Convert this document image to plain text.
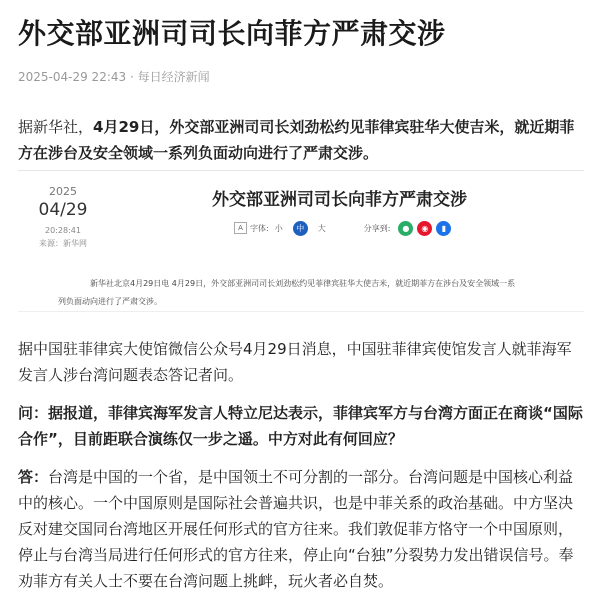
外交部亚洲司司长向菲方严肃交涉
2025-04-29 22:43 · 每日经济新闻
据新华社，4月29日，外交部亚洲司司长刘劲松约见菲律宾驻华大使吉米，就近期菲方在涉台及安全领域一系列负面动向进行了严肃交涉。
2025
04/29
20:28:41
来源：新华网
外交部亚洲司司长向菲方严肃交涉
A 字体: 小	中	大	分享到:	●	◉	▮
新华社北京4月29日电 4月29日，外交部亚洲司司长刘劲松约见菲律宾驻华大使吉米，就近期菲方在涉台及安全领域一系
列负面动向进行了严肃交涉。
据中国驻菲律宾大使馆微信公众号4月29日消息，中国驻菲律宾使馆发言人就菲海军发言人涉台湾问题表态答记者问。
问：据报道，菲律宾海军发言人特立尼达表示，菲律宾军方与台湾方面正在商谈“国际合作”，目前距联合演练仅一步之遥。中方对此有何回应？
答：台湾是中国的一个省，是中国领土不可分割的一部分。台湾问题是中国核心利益中的核心。一个中国原则是国际社会普遍共识，也是中菲关系的政治基础。中方坚决反对建交国同台湾地区开展任何形式的官方往来。我们敦促菲方恪守一个中国原则，停止与台湾当局进行任何形式的官方往来，停止向“台独”分裂势力发出错误信号。奉劝菲方有关人士不要在台湾问题上挑衅，玩火者必自焚。
